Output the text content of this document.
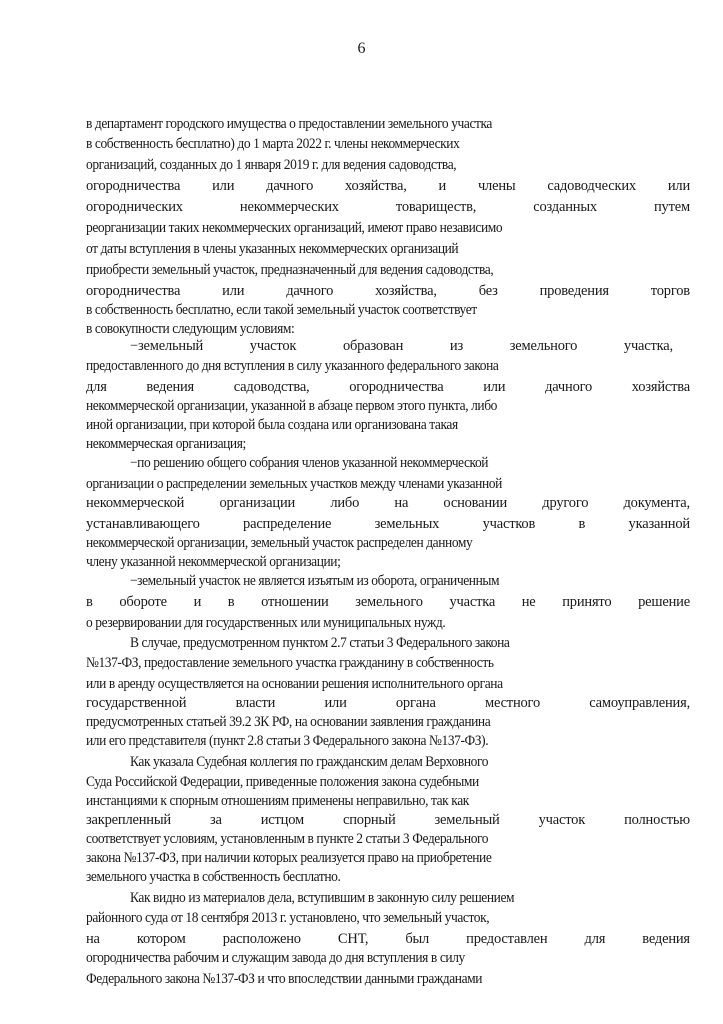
6
в департамент городского имущества о предоставлении земельного участка
в собственность бесплатно) до 1 марта 2022 г. члены некоммерческих
организаций, созданных до 1 января 2019 г. для ведения садоводства,
огородничества или дачного хозяйства, и члены садоводческих или
огороднических	некоммерческих	товариществ,	созданных	путем
реорганизации таких некоммерческих организаций, имеют право независимо
от даты вступления в члены указанных некоммерческих организаций
приобрести земельный участок, предназначенный для ведения садоводства,
огородничества	или	дачного	хозяйства,	без	проведения	торгов
в собственность бесплатно, если такой земельный участок соответствует
в совокупности следующим условиям:
−земельный	участок	образован	из	земельного	участка,
предоставленного до дня вступления в силу указанного федерального закона
для	ведения	садоводства,	огородничества	или	дачного	хозяйства
некоммерческой организации, указанной в абзаце первом этого пункта, либо
иной организации, при которой была создана или организована такая
некоммерческая организация;
−по решению общего собрания членов указанной некоммерческой
организации о распределении земельных участков между членами указанной
некоммерческой организации либо на основании другого документа,
устанавливающего	распределение	земельных	участков	в	указанной
некоммерческой организации, земельный участок распределен данному
члену указанной некоммерческой организации;
−земельный участок не является изъятым из оборота, ограниченным
в обороте и в отношении земельного участка не принято решение
о резервировании для государственных или муниципальных нужд.
В случае, предусмотренном пунктом 2.7 статьи 3 Федерального закона
№137-ФЗ, предоставление земельного участка гражданину в собственность
или в аренду осуществляется на основании решения исполнительного органа
государственной	власти	или	органа	местного	самоуправления,
предусмотренных статьей 39.2 ЗК РФ, на основании заявления гражданина
или его представителя (пункт 2.8 статьи 3 Федерального закона №137-ФЗ).
Как указала Судебная коллегия по гражданским делам Верховного
Суда Российской Федерации, приведенные положения закона судебными
инстанциями к спорным отношениям применены неправильно, так как
закрепленный	за	истцом	спорный	земельный	участок	полностью
соответствует условиям, установленным в пункте 2 статьи 3 Федерального
закона №137-ФЗ, при наличии которых реализуется право на приобретение
земельного участка в собственность бесплатно.
Как видно из материалов дела, вступившим в законную силу решением
районного суда от 18 сентября 2013 г. установлено, что земельный участок,
на	котором	расположено	СНТ,	был	предоставлен	для	ведения
огородничества рабочим и служащим завода до дня вступления в силу
Федерального закона №137-ФЗ и что впоследствии данными гражданами
